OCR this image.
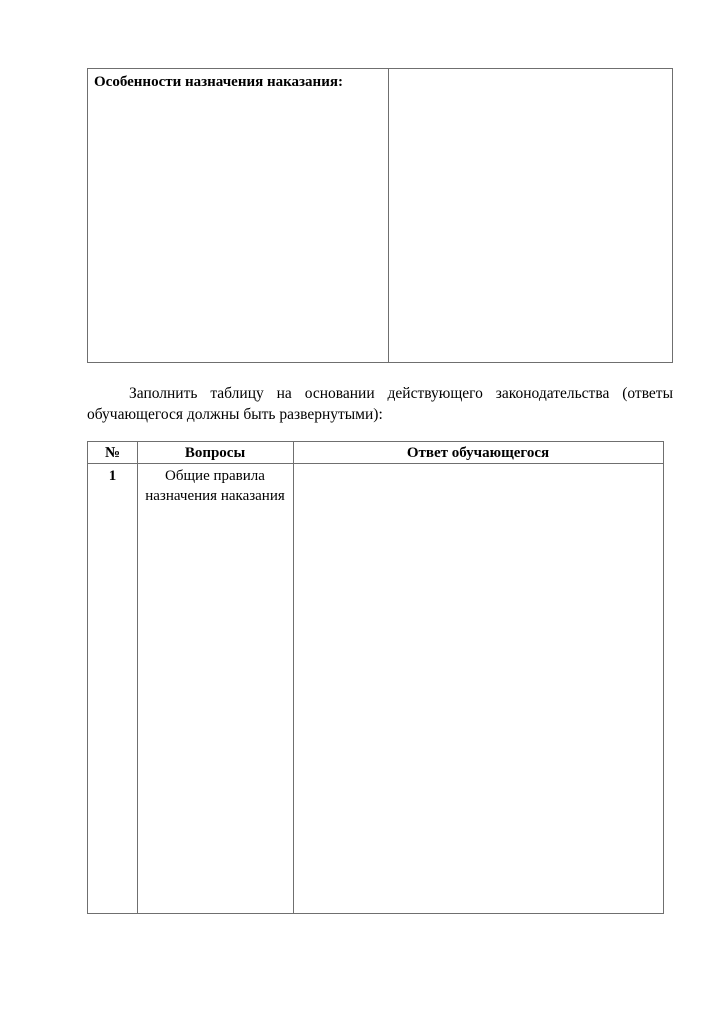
Особенности назначения наказания:

Заполнить таблицу на основании действующего законодательства (ответы обучающегося должны быть развернутыми):

№	Вопросы	Ответ обучающегося
1	Общие правила назначения наказания
